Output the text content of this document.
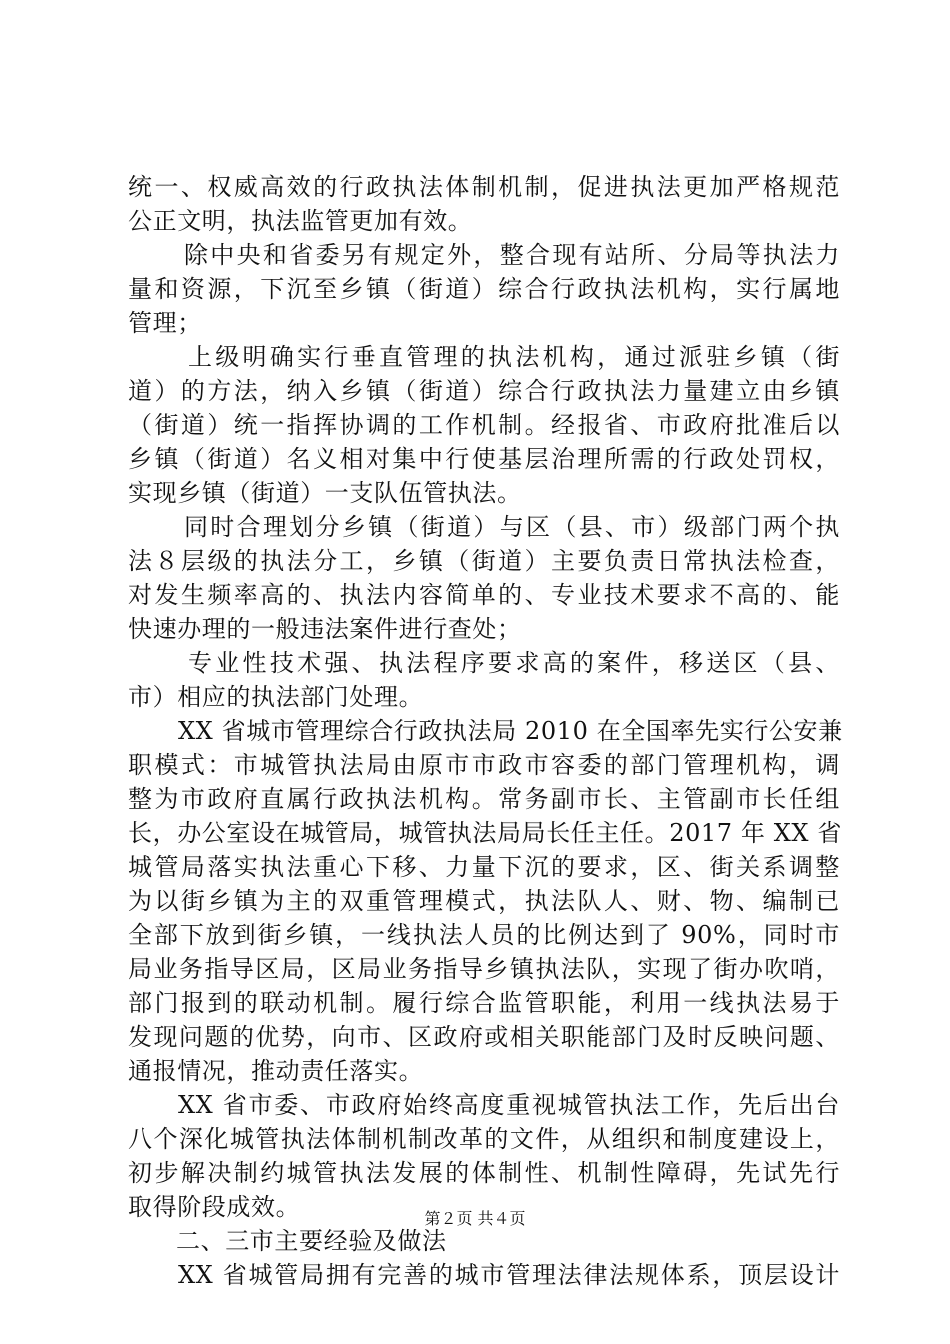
统一、权威高效的行政执法体制机制，促进执法更加严格规范
公正文明，执法监管更加有效。
除中央和省委另有规定外，整合现有站所、分局等执法力
量和资源，下沉至乡镇（街道）综合行政执法机构，实行属地
管理；
上级明确实行垂直管理的执法机构，通过派驻乡镇（街
道）的方法，纳入乡镇（街道）综合行政执法力量建立由乡镇
（街道）统一指挥协调的工作机制。经报省、市政府批准后以
乡镇（街道）名义相对集中行使基层治理所需的行政处罚权，
实现乡镇（街道）一支队伍管执法。
同时合理划分乡镇（街道）与区（县、市）级部门两个执
法８层级的执法分工，乡镇（街道）主要负责日常执法检查，
对发生频率高的、执法内容简单的、专业技术要求不高的、能
快速办理的一般违法案件进行查处；
专业性技术强、执法程序要求高的案件，移送区（县、
市）相应的执法部门处理。
XX 省城市管理综合行政执法局 2010 在全国率先实行公安兼
职模式：市城管执法局由原市市政市容委的部门管理机构，调
整为市政府直属行政执法机构。常务副市长、主管副市长任组
长，办公室设在城管局，城管执法局局长任主任。2017 年 XX 省
城管局落实执法重心下移、力量下沉的要求，区、街关系调整
为以街乡镇为主的双重管理模式，执法队人、财、物、编制已
全部下放到街乡镇，一线执法人员的比例达到了 90%，同时市
局业务指导区局，区局业务指导乡镇执法队，实现了街办吹哨，
部门报到的联动机制。履行综合监管职能，利用一线执法易于
发现问题的优势，向市、区政府或相关职能部门及时反映问题、
通报情况，推动责任落实。
XX 省市委、市政府始终高度重视城管执法工作，先后出台
八个深化城管执法体制机制改革的文件，从组织和制度建设上，
初步解决制约城管执法发展的体制性、机制性障碍，先试先行
取得阶段成效。
二、三市主要经验及做法
XX 省城管局拥有完善的城市管理法律法规体系，顶层设计
第２页 共４页
